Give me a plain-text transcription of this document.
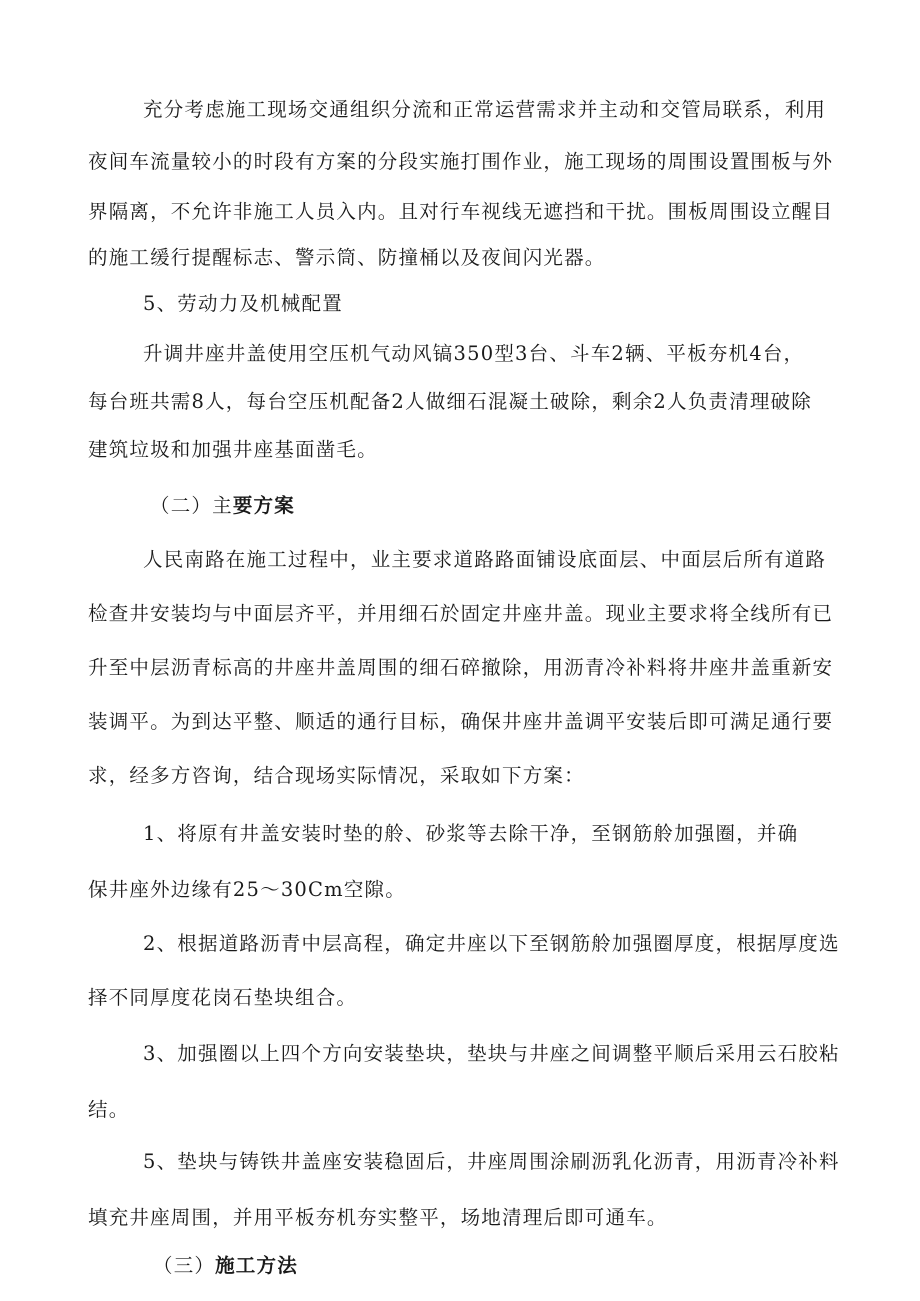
充分考虑施工现场交通组织分流和正常运营需求并主动和交管局联系，利用
夜间车流量较小的时段有方案的分段实施打围作业，施工现场的周围设置围板与外
界隔离，不允许非施工人员入内。且对行车视线无遮挡和干扰。围板周围设立醒目
的施工缓行提醒标志、警示筒、防撞桶以及夜间闪光器。
5、劳动力及机械配置
升调井座井盖使用空压机气动风镐350型3台、斗车2辆、平板夯机4台，
每台班共需8人，每台空压机配备2人做细石混凝土破除，剩余2人负责清理破除
建筑垃圾和加强井座基面凿毛。
（二）主要方案
人民南路在施工过程中，业主要求道路路面铺设底面层、中面层后所有道路
检查井安装均与中面层齐平，并用细石於固定井座井盖。现业主要求将全线所有已
升至中层沥青标高的井座井盖周围的细石碎撤除，用沥青冷补料将井座井盖重新安
装调平。为到达平整、顺适的通行目标，确保井座井盖调平安装后即可满足通行要
求，经多方咨询，结合现场实际情况，采取如下方案：
1、将原有井盖安装时垫的舲、砂浆等去除干净，至钢筋舲加强圈，并确
保井座外边缘有25～30Cm空隙。
2、根据道路沥青中层高程，确定井座以下至钢筋舲加强圈厚度，根据厚度选
择不同厚度花岗石垫块组合。
3、加强圈以上四个方向安装垫块，垫块与井座之间调整平顺后采用云石胶粘
结。
5、垫块与铸铁井盖座安装稳固后，井座周围涂刷沥乳化沥青，用沥青冷补料
填充井座周围，并用平板夯机夯实整平，场地清理后即可通车。
（三）施工方法
